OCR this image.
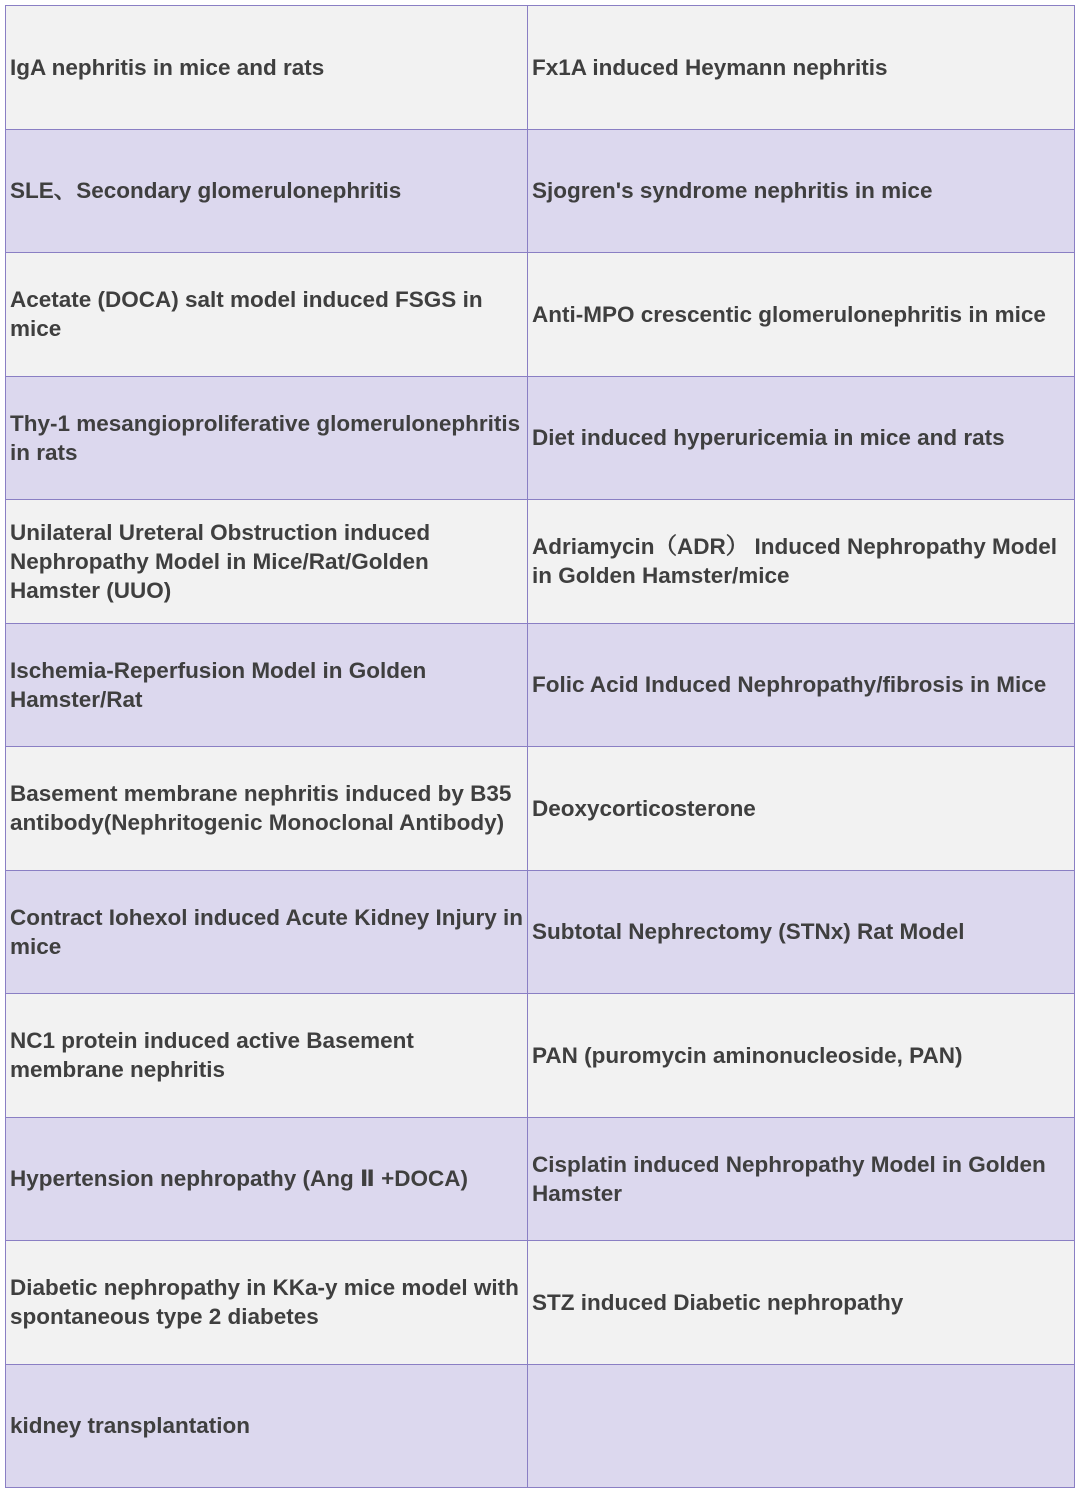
IgA nephritis in mice and rats	Fx1A induced Heymann nephritis
SLE、Secondary glomerulonephritis	Sjogren's syndrome nephritis in mice
Acetate (DOCA) salt model induced FSGS in mice	Anti-MPO crescentic glomerulonephritis in mice
Thy-1 mesangioproliferative glomerulonephritis in rats	Diet induced hyperuricemia in mice and rats
Unilateral Ureteral Obstruction induced Nephropathy Model in Mice/Rat/Golden Hamster (UUO)	Adriamycin（ADR） Induced Nephropathy Model in Golden Hamster/mice
Ischemia-Reperfusion Model in Golden Hamster/Rat	Folic Acid Induced Nephropathy/fibrosis in Mice
Basement membrane nephritis induced by B35 antibody(Nephritogenic Monoclonal Antibody)	Deoxycorticosterone
Contract Iohexol induced Acute Kidney Injury in mice	Subtotal Nephrectomy (STNx) Rat Model
NC1 protein induced active Basement membrane nephritis	PAN (puromycin aminonucleoside, PAN)
Hypertension nephropathy (Ang Ⅱ +DOCA)	Cisplatin induced Nephropathy Model in Golden Hamster
Diabetic nephropathy in KKa-y mice model with spontaneous type 2 diabetes	STZ induced Diabetic nephropathy
kidney transplantation	
